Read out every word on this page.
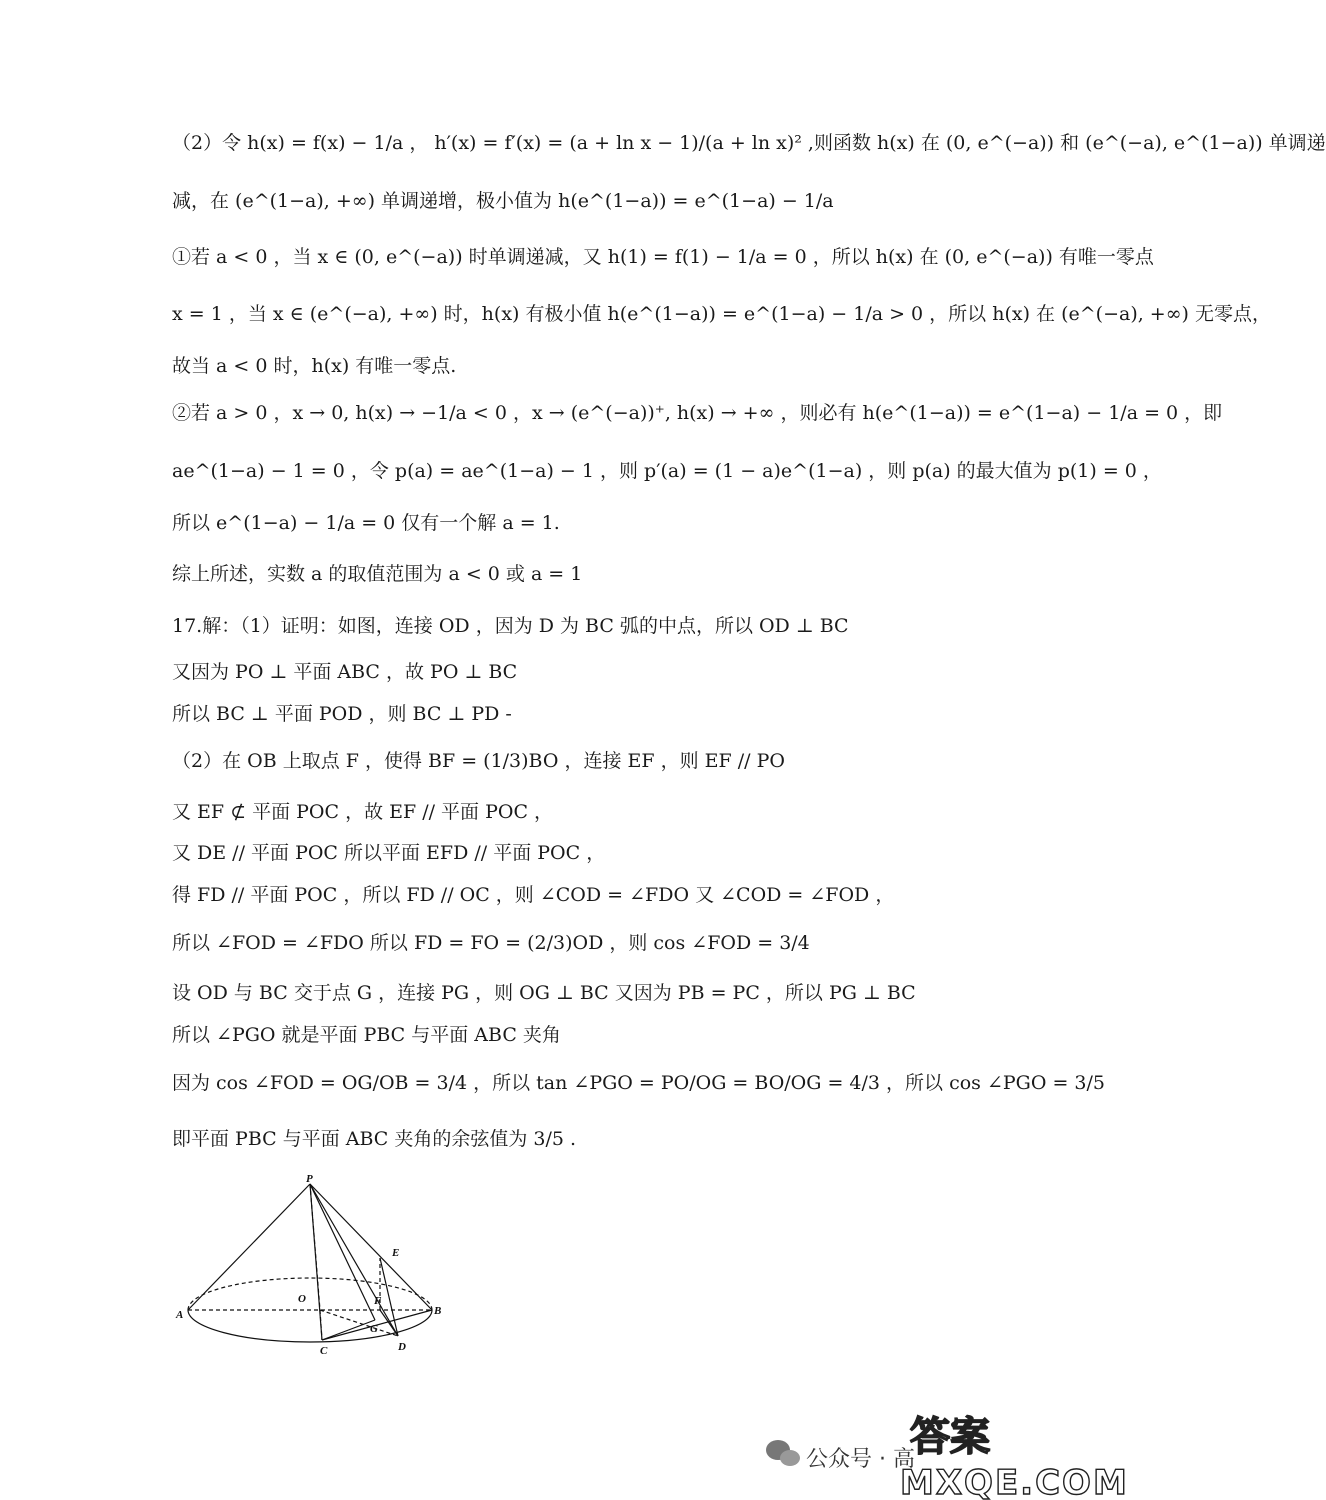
（2）令 h(x) = f(x) − 1/a ， h′(x) = f′(x) = (a + ln x − 1)/(a + ln x)² ,则函数 h(x) 在 (0, e^(−a)) 和 (e^(−a), e^(1−a)) 单调递
减，在 (e^(1−a), +∞) 单调递增，极小值为 h(e^(1−a)) = e^(1−a) − 1/a
①若 a < 0 ，当 x ∈ (0, e^(−a)) 时单调递减，又 h(1) = f(1) − 1/a = 0 ，所以 h(x) 在 (0, e^(−a)) 有唯一零点
x = 1 ，当 x ∈ (e^(−a), +∞) 时，h(x) 有极小值 h(e^(1−a)) = e^(1−a) − 1/a > 0 ，所以 h(x) 在 (e^(−a), +∞) 无零点，
故当 a < 0 时，h(x) 有唯一零点.
②若 a > 0 ，x → 0, h(x) → −1/a < 0 ，x → (e^(−a))⁺, h(x) → +∞ ，则必有 h(e^(1−a)) = e^(1−a) − 1/a = 0 ，即
ae^(1−a) − 1 = 0 ，令 p(a) = ae^(1−a) − 1 ，则 p′(a) = (1 − a)e^(1−a) ，则 p(a) 的最大值为 p(1) = 0 ，
所以 e^(1−a) − 1/a = 0 仅有一个解 a = 1.
综上所述，实数 a 的取值范围为 a < 0 或 a = 1
17.解：（1）证明：如图，连接 OD ，因为 D 为 BC 弧的中点，所以 OD ⊥ BC
又因为 PO ⊥ 平面 ABC ，故 PO ⊥ BC
所以 BC ⊥ 平面 POD ，则 BC ⊥ PD -
（2）在 OB 上取点 F ，使得 BF = (1/3)BO ，连接 EF ，则 EF // PO
又 EF ⊄ 平面 POC ，故 EF // 平面 POC ，
又 DE // 平面 POC 所以平面 EFD // 平面 POC ，
得 FD // 平面 POC ，所以 FD // OC ，则 ∠COD = ∠FDO 又 ∠COD = ∠FOD ，
所以 ∠FOD = ∠FDO 所以 FD = FO = (2/3)OD ，则 cos ∠FOD = 3/4
设 OD 与 BC 交于点 G ，连接 PG ，则 OG ⊥ BC 又因为 PB = PC ，所以 PG ⊥ BC
所以 ∠PGO 就是平面 PBC 与平面 ABC 夹角
因为 cos ∠FOD = OG/OB = 3/4 ，所以 tan ∠PGO = PO/OG = BO/OG = 4/3 ，所以 cos ∠PGO = 3/5
即平面 PBC 与平面 ABC 夹角的余弦值为 3/5 .
P
A	B
C	D
E
F
G
O
公众号 · 高
答案
MXQE.COM
